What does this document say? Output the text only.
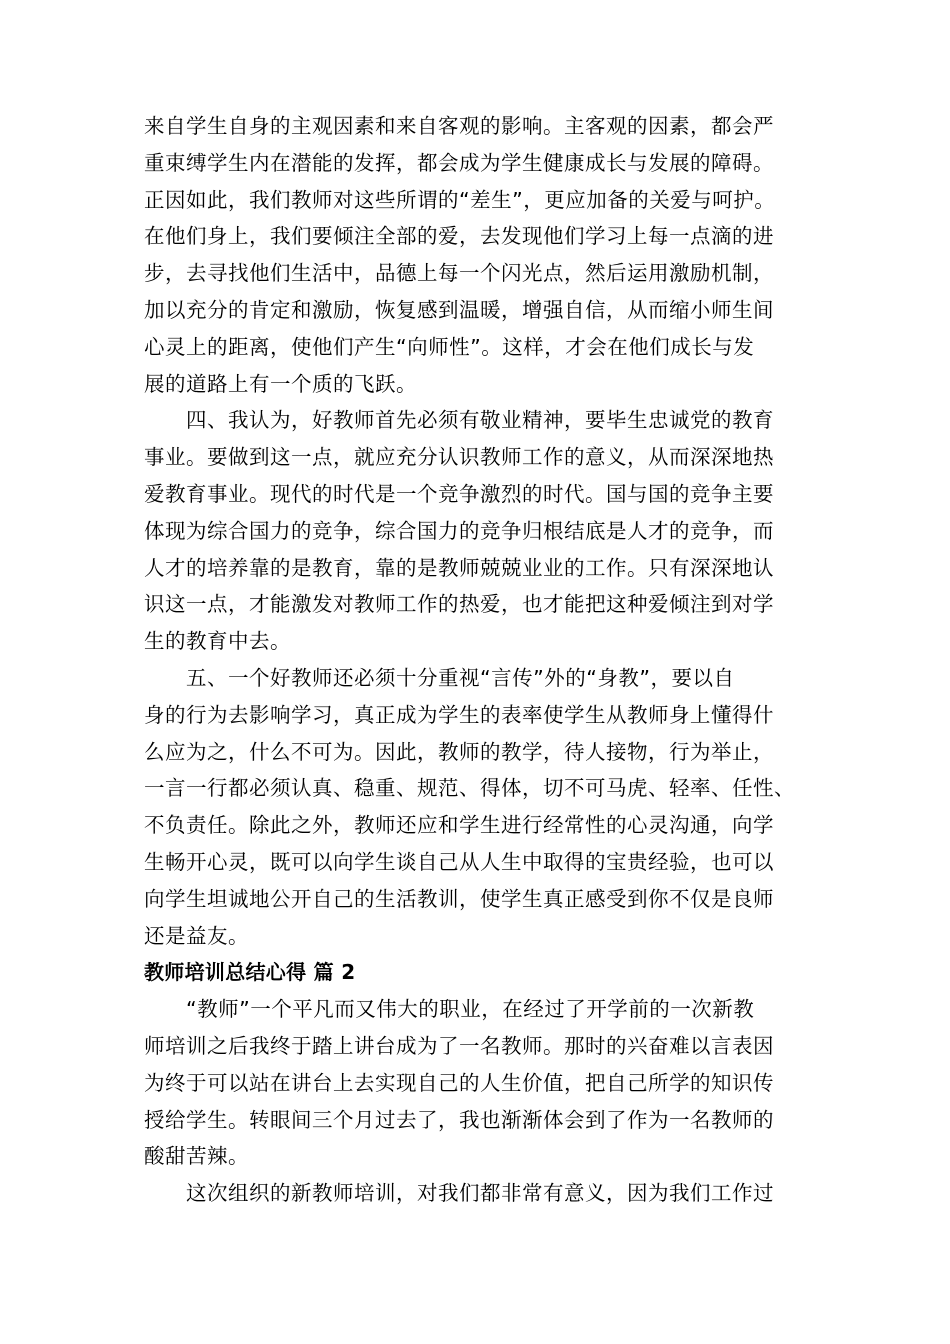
来自学生自身的主观因素和来自客观的影响。主客观的因素，都会严
重束缚学生内在潜能的发挥，都会成为学生健康成长与发展的障碍。
正因如此，我们教师对这些所谓的“差生”，更应加备的关爱与呵护。
在他们身上，我们要倾注全部的爱，去发现他们学习上每一点滴的进
步，去寻找他们生活中，品德上每一个闪光点，然后运用激励机制，
加以充分的肯定和激励，恢复感到温暖，增强自信，从而缩小师生间
心灵上的距离，使他们产生“向师性”。这样，才会在他们成长与发
展的道路上有一个质的飞跃。
　　四、我认为，好教师首先必须有敬业精神，要毕生忠诚党的教育
事业。要做到这一点，就应充分认识教师工作的意义，从而深深地热
爱教育事业。现代的时代是一个竞争激烈的时代。国与国的竞争主要
体现为综合国力的竞争，综合国力的竞争归根结底是人才的竞争，而
人才的培养靠的是教育，靠的是教师兢兢业业的工作。只有深深地认
识这一点，才能激发对教师工作的热爱，也才能把这种爱倾注到对学
生的教育中去。
　　五、一个好教师还必须十分重视“言传”外的“身教”，要以自
身的行为去影响学习，真正成为学生的表率使学生从教师身上懂得什
么应为之，什么不可为。因此，教师的教学，待人接物，行为举止，
一言一行都必须认真、稳重、规范、得体，切不可马虎、轻率、任性、
不负责任。除此之外，教师还应和学生进行经常性的心灵沟通，向学
生畅开心灵，既可以向学生谈自己从人生中取得的宝贵经验，也可以
向学生坦诚地公开自己的生活教训，使学生真正感受到你不仅是良师
还是益友。
教师培训总结心得 篇 2
　　“教师”一个平凡而又伟大的职业，在经过了开学前的一次新教
师培训之后我终于踏上讲台成为了一名教师。那时的兴奋难以言表因
为终于可以站在讲台上去实现自己的人生价值，把自己所学的知识传
授给学生。转眼间三个月过去了，我也渐渐体会到了作为一名教师的
酸甜苦辣。
　　这次组织的新教师培训，对我们都非常有意义，因为我们工作过
